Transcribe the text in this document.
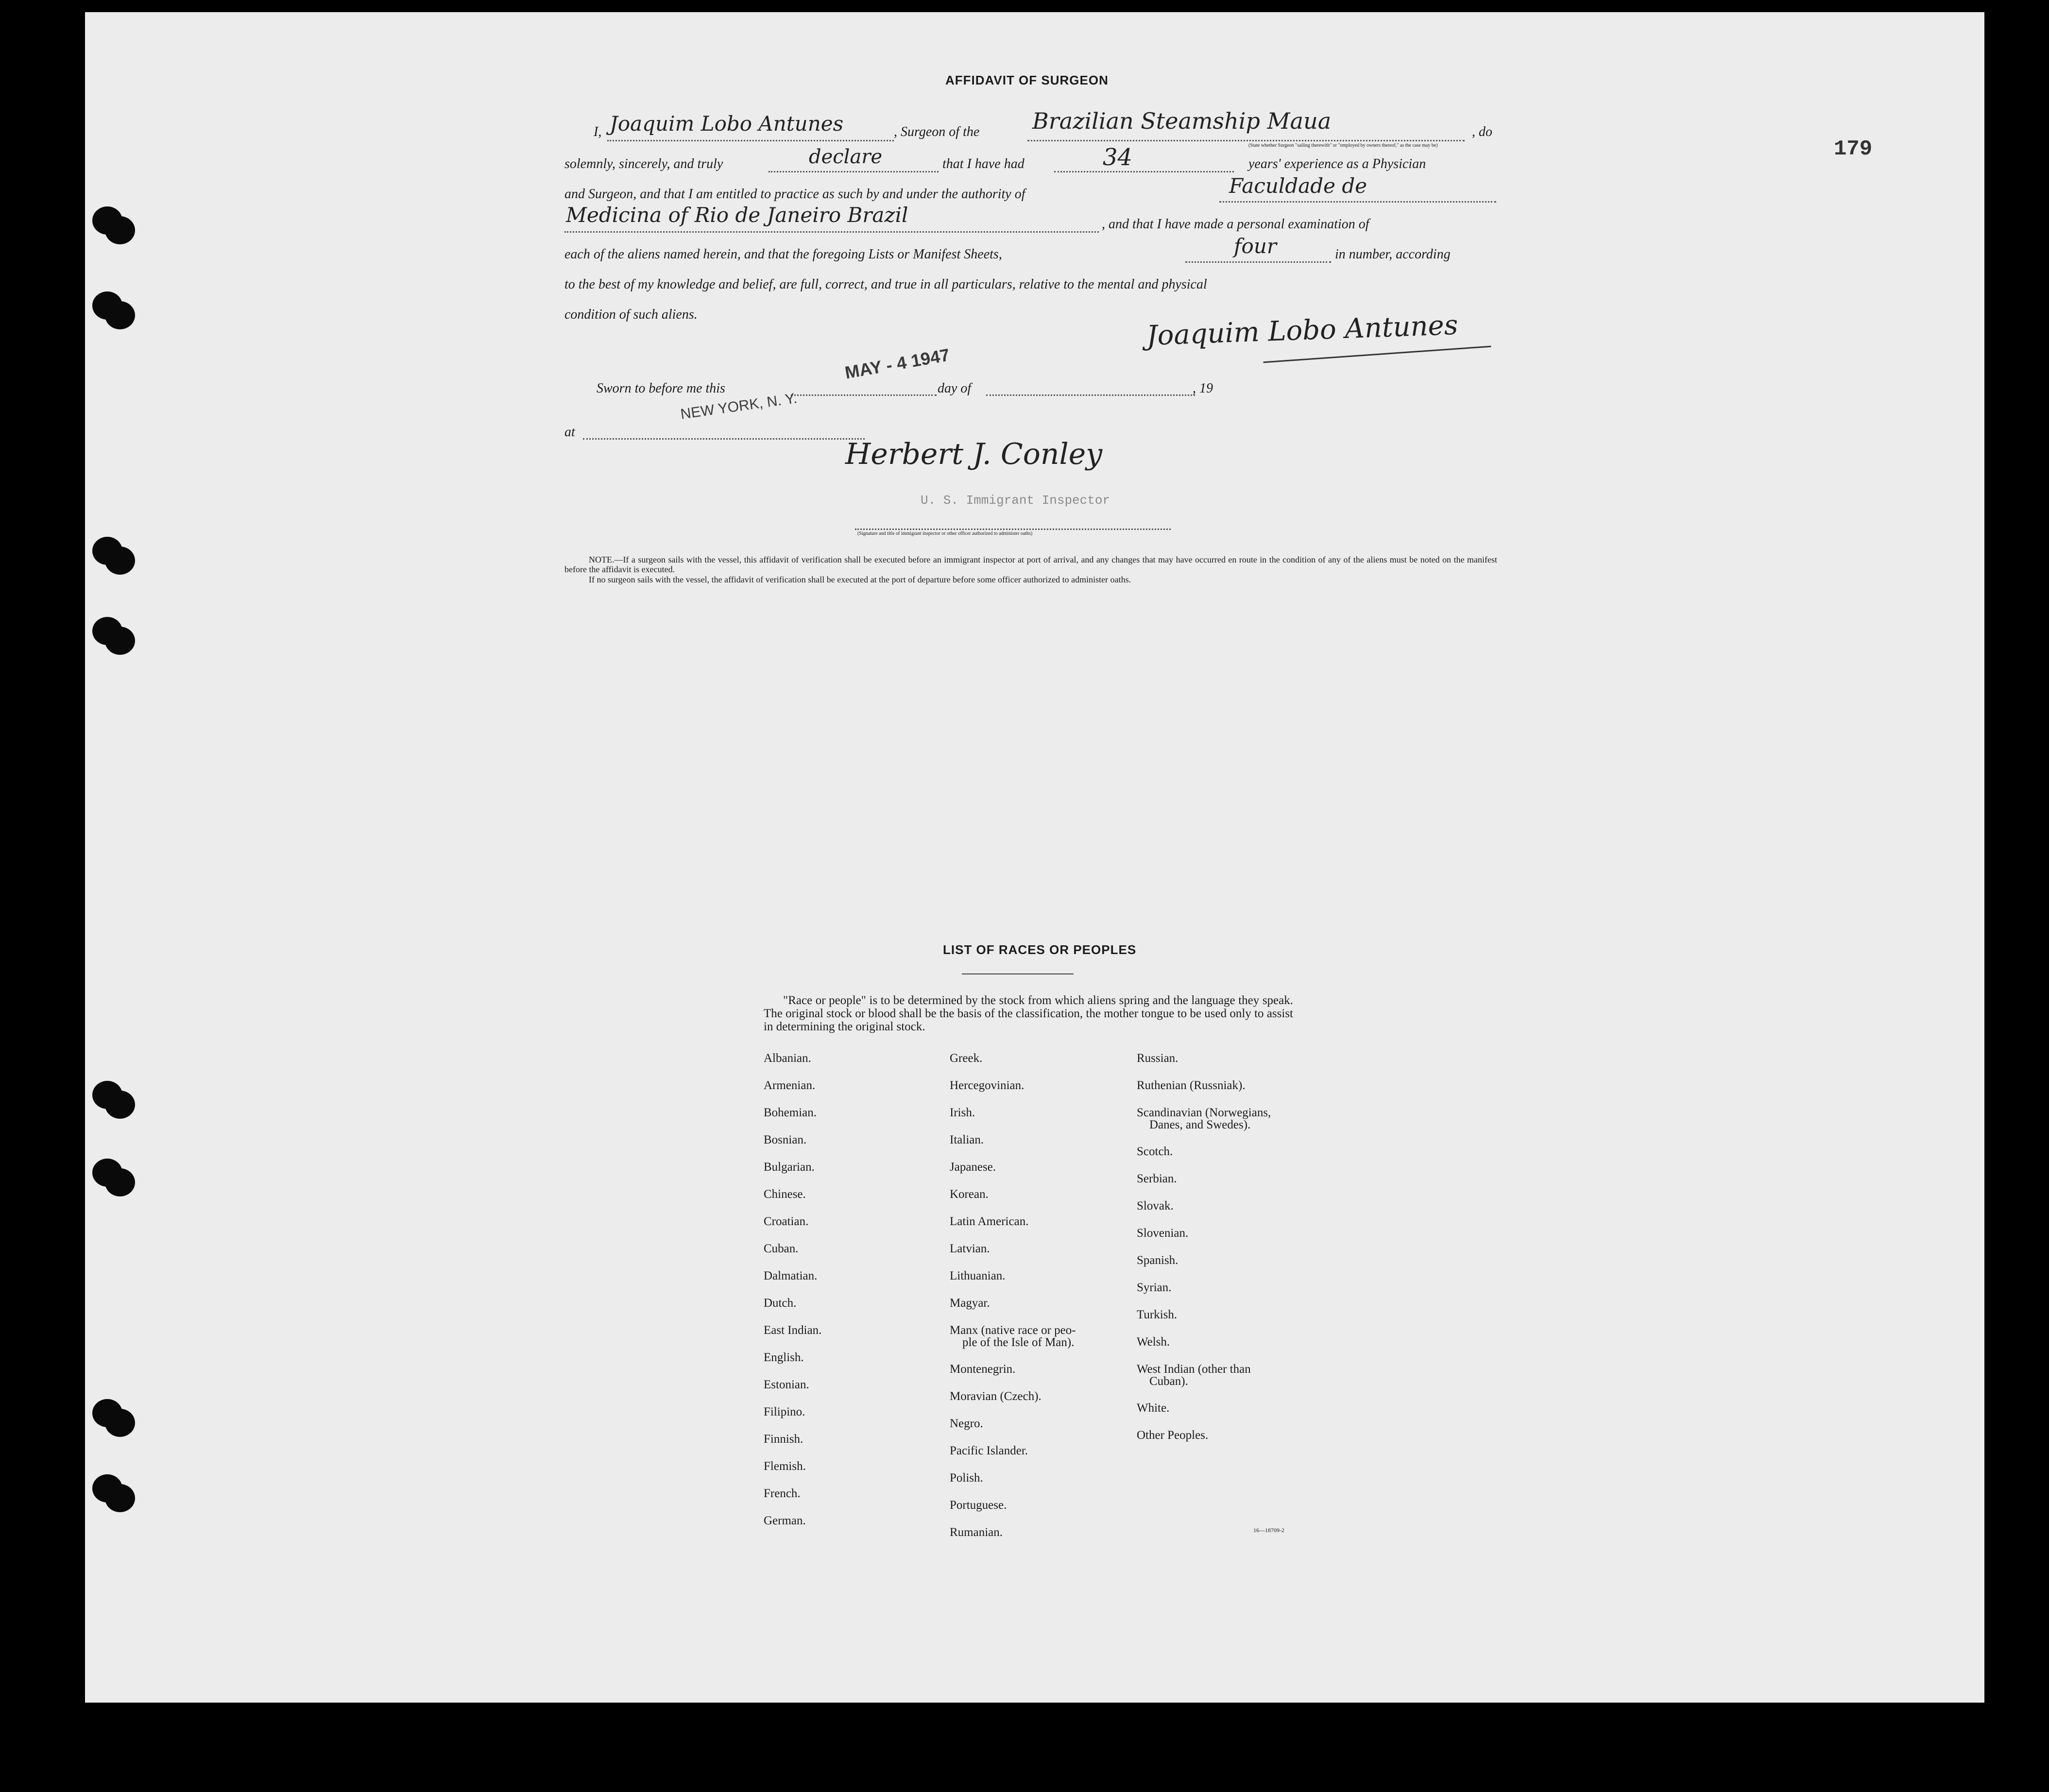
179
AFFIDAVIT OF SURGEON
I, Joaquim Lobo Antunes	, Surgeon of the Brazilian Steamship Maua	, do
(State whether Surgeon "sailing therewith" or "employed by owners thereof," as the case may be)
solemnly, sincerely, and truly	declare	that I have had	34	years' experience as a Physician
and Surgeon, and that I am entitled to practice as such by and under the authority of	Faculdade de
Medicina of Rio de Janeiro Brazil	, and that I have made a personal examination of
each of the aliens named herein, and that the foregoing Lists or Manifest Sheets,	four	in number, according
to the best of my knowledge and belief, are full, correct, and true in all particulars, relative to the mental and physical
condition of such aliens.	Joaquim Lobo Antunes
MAY - 4 1947
Sworn to before me this	day of	, 19
NEW YORK, N. Y.
at
Herbert J. Conley
U. S. Immigrant Inspector
(Signature and title of immigrant inspector or other officer authorized to administer oaths)
NOTE.—If a surgeon sails with the vessel, this affidavit of verification shall be executed before an immigrant inspector at port of arrival, and any changes that may have occurred en route in the condition of any of the aliens must be noted on the manifest before the affidavit is executed.
If no surgeon sails with the vessel, the affidavit of verification shall be executed at the port of departure before some officer authorized to administer oaths.
LIST OF RACES OR PEOPLES
"Race or people" is to be determined by the stock from which aliens spring and the language they speak. The original stock or blood shall be the basis of the classification, the mother tongue to be used only to assist in determining the original stock.
Albanian.
Armenian.
Bohemian.
Bosnian.
Bulgarian.
Chinese.
Croatian.
Cuban.
Dalmatian.
Dutch.
East Indian.
English.
Estonian.
Filipino.
Finnish.
Flemish.
French.
German.
Greek.
Hercegovinian.
Irish.
Italian.
Japanese.
Korean.
Latin American.
Latvian.
Lithuanian.
Magyar.
Manx (native race or peo-
ple of the Isle of Man).
Montenegrin.
Moravian (Czech).
Negro.
Pacific Islander.
Polish.
Portuguese.
Rumanian.
Russian.
Ruthenian (Russniak).
Scandinavian (Norwegians,
Danes, and Swedes).
Scotch.
Serbian.
Slovak.
Slovenian.
Spanish.
Syrian.
Turkish.
Welsh.
West Indian (other than
Cuban).
White.
Other Peoples.
16—18709-2
